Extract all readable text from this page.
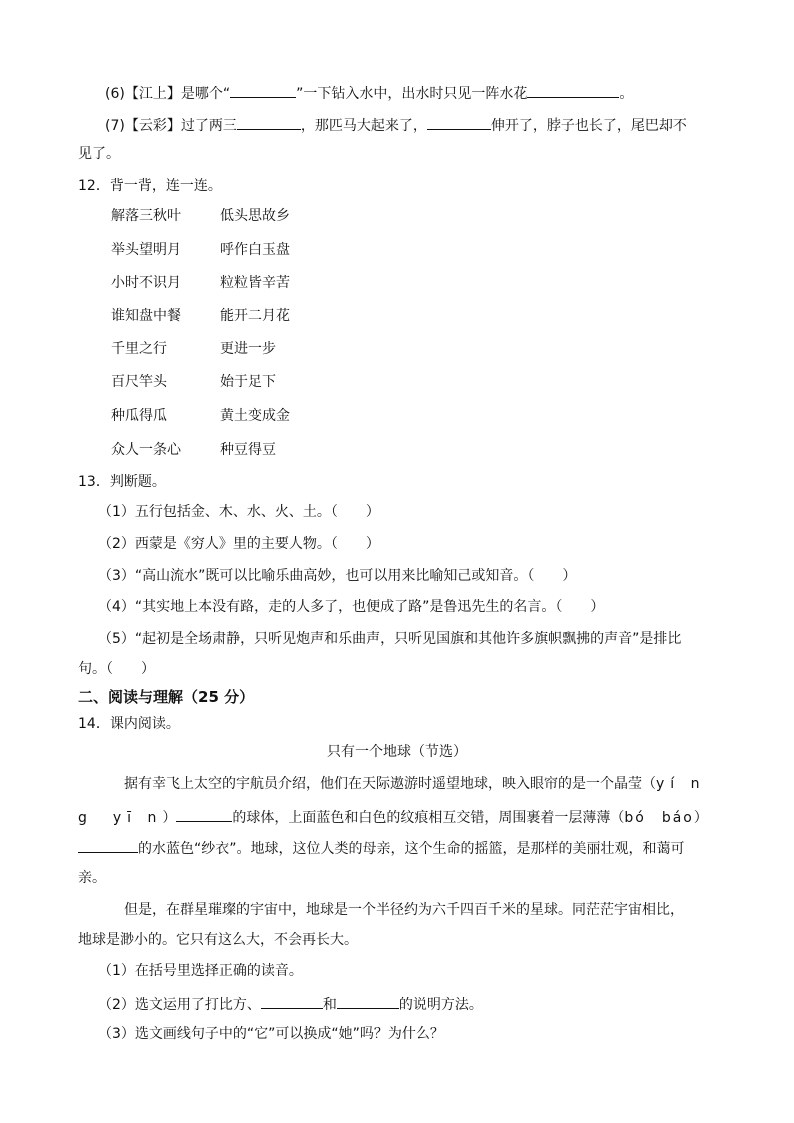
(6)【江上】是哪个“	”一下钻入水中，出水时只见一阵水花	。
(7)【云彩】过了两三	，那匹马大起来了，	伸开了，脖子也长了，尾巴却不
见了。
12．背一背，连一连。
解落三秋叶	低头思故乡
举头望明月	呼作白玉盘
小时不识月	粒粒皆辛苦
谁知盘中餐	能开二月花
千里之行	更进一步
百尺竿头	始于足下
种瓜得瓜	黄土变成金
众人一条心	种豆得豆
13．判断题。
（1）五行包括金、木、水、火、土。（　　）
（2）西蒙是《穷人》里的主要人物。（　　）
（3）“高山流水”既可以比喻乐曲高妙，也可以用来比喻知己或知音。（　　）
（4）“其实地上本没有路，走的人多了，也便成了路”是鲁迅先生的名言。（　　）
（5）“起初是全场肃静，只听见炮声和乐曲声，只听见国旗和其他许多旗帜飘拂的声音”是排比
句。（　　）
二、阅读与理解（25 分）
14．课内阅读。
只有一个地球（节选）
据有幸飞上太空的宇航员介绍，他们在天际遨游时遥望地球，映入眼帘的是一个晶莹（yí n
g　yī n）	的球体，上面蓝色和白色的纹痕相互交错，周围裹着一层薄薄（bó　báo）
的水蓝色“纱衣”。地球，这位人类的母亲，这个生命的摇篮，是那样的美丽壮观，和蔼可
亲。
但是，在群星璀璨的宇宙中，地球是一个半径约为六千四百千米的星球。同茫茫宇宙相比，
地球是渺小的。它只有这么大，不会再长大。
（1）在括号里选择正确的读音。
（2）选文运用了打比方、	和	的说明方法。
（3）选文画线句子中的“它”可以换成“她”吗？为什么？
